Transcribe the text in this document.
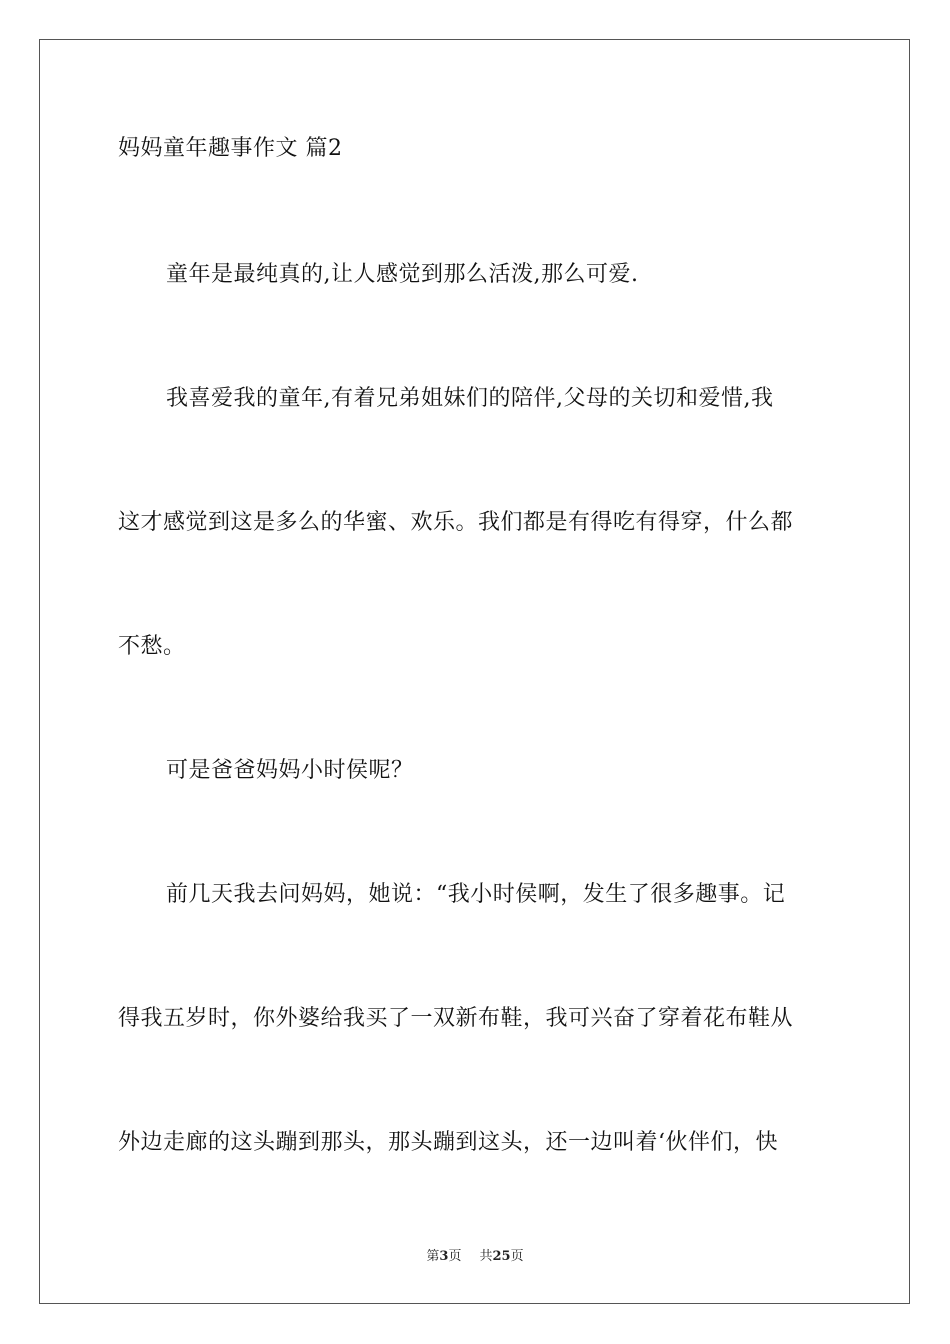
妈妈童年趣事作文 篇2
童年是最纯真的,让人感觉到那么活泼,那么可爱.
我喜爱我的童年,有着兄弟姐妹们的陪伴,父母的关切和爱惜,我
这才感觉到这是多么的华蜜、欢乐。我们都是有得吃有得穿，什么都
不愁。
可是爸爸妈妈小时侯呢？
前几天我去问妈妈，她说：“我小时侯啊，发生了很多趣事。记
得我五岁时，你外婆给我买了一双新布鞋，我可兴奋了穿着花布鞋从
外边走廊的这头蹦到那头，那头蹦到这头，还一边叫着‘伙伴们，快
第3页 共25页
